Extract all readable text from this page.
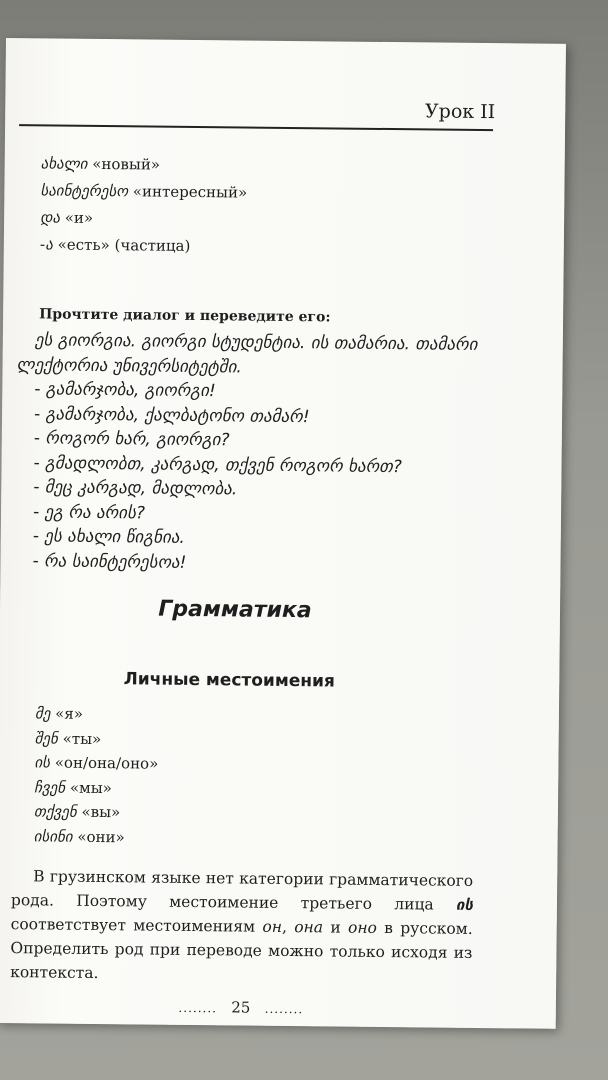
Урок II
ახალი «новый»
საინტერესო «интересный»
და «и»
-ა «есть» (частица)
Прочтите диалог и переведите его:
ეს გიორგია. გიორგი სტუდენტია. ის თამარია. თამარი ლექტორია უნივერსიტეტში.
- გამარჯობა, გიორგი!
- გამარჯობა, ქალბატონო თამარ!
- როგორ ხარ, გიორგი?
- გმადლობთ, კარგად, თქვენ როგორ ხართ?
- მეც კარგად, მადლობა.
- ეგ რა არის?
- ეს ახალი წიგნია.
- რა საინტერესოა!
Грамматика
Личные местоимения
მე «я»
შენ «ты»
ის «он/она/оно»
ჩვენ «мы»
თქვენ «вы»
ისინი «они»
В грузинском языке нет категории грамматического рода. Поэтому местоимение третьего лица ის соответствует местоимениям он, она и оно в русском. Определить род при переводе можно только исходя из контекста.
........ 25 ........
